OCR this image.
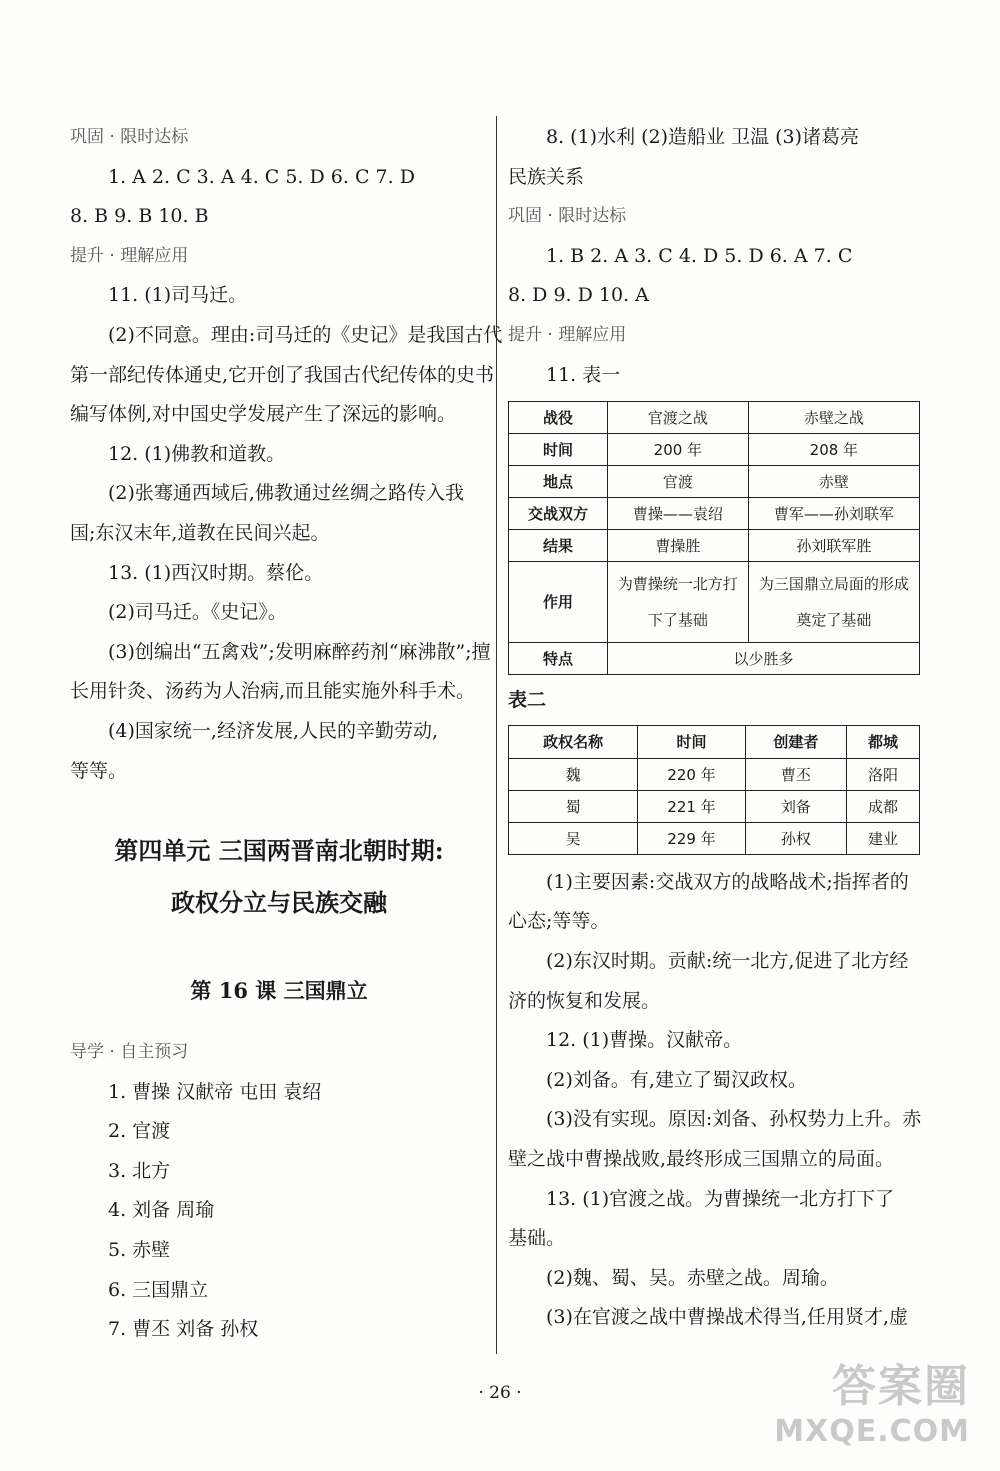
巩固 · 限时达标
1. A 2. C 3. A 4. C 5. D 6. C 7. D
8. B 9. B 10. B
提升 · 理解应用
11. (1)司马迁。
(2)不同意。理由:司马迁的《史记》是我国古代
第一部纪传体通史,它开创了我国古代纪传体的史书
编写体例,对中国史学发展产生了深远的影响。
12. (1)佛教和道教。
(2)张骞通西域后,佛教通过丝绸之路传入我
国;东汉末年,道教在民间兴起。
13. (1)西汉时期。蔡伦。
(2)司马迁。《史记》。
(3)创编出“五禽戏”;发明麻醉药剂“麻沸散”;擅
长用针灸、汤药为人治病,而且能实施外科手术。
(4)国家统一,经济发展,人民的辛勤劳动,
等等。
第四单元 三国两晋南北朝时期:
政权分立与民族交融
第 16 课 三国鼎立
导学 · 自主预习
1. 曹操 汉献帝 屯田 袁绍
2. 官渡
3. 北方
4. 刘备 周瑜
5. 赤壁
6. 三国鼎立
7. 曹丕 刘备 孙权
8. (1)水利 (2)造船业 卫温 (3)诸葛亮
民族关系
巩固 · 限时达标
1. B 2. A 3. C 4. D 5. D 6. A 7. C
8. D 9. D 10. A
提升 · 理解应用
11. 表一
战役	官渡之战	赤壁之战
时间	200 年	208 年
地点	官渡	赤壁
交战双方	曹操——袁绍	曹军——孙刘联军
结果	曹操胜	孙刘联军胜
作用	为曹操统一北方打下了基础	为三国鼎立局面的形成奠定了基础
特点	以少胜多	
表二
政权名称	时间	创建者	都城
魏	220 年	曹丕	洛阳
蜀	221 年	刘备	成都
吴	229 年	孙权	建业
(1)主要因素:交战双方的战略战术;指挥者的
心态;等等。
(2)东汉时期。贡献:统一北方,促进了北方经
济的恢复和发展。
12. (1)曹操。汉献帝。
(2)刘备。有,建立了蜀汉政权。
(3)没有实现。原因:刘备、孙权势力上升。赤
壁之战中曹操战败,最终形成三国鼎立的局面。
13. (1)官渡之战。为曹操统一北方打下了
基础。
(2)魏、蜀、吴。赤壁之战。周瑜。
(3)在官渡之战中曹操战术得当,任用贤才,虚
· 26 ·	答案圈
MXQE.COM
